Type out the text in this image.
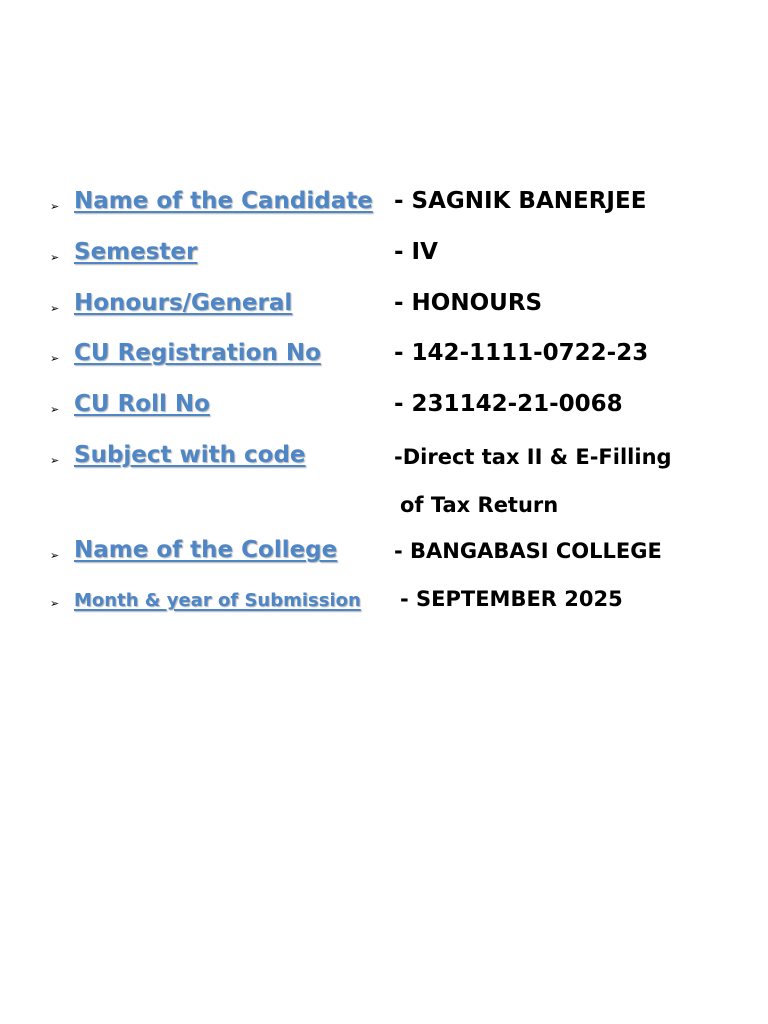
➢ Name of the Candidate - SAGNIK BANERJEE
➢ Semester	- IV
➢ Honours/General	- HONOURS
➢ CU Registration No	- 142-1111-0722-23
➢ CU Roll No	- 231142-21-0068
➢ Subject with code	-Direct tax II & E-Filling
of Tax Return
➢ Name of the College	- BANGABASI COLLEGE
➢ Month & year of Submission - SEPTEMBER 2025
